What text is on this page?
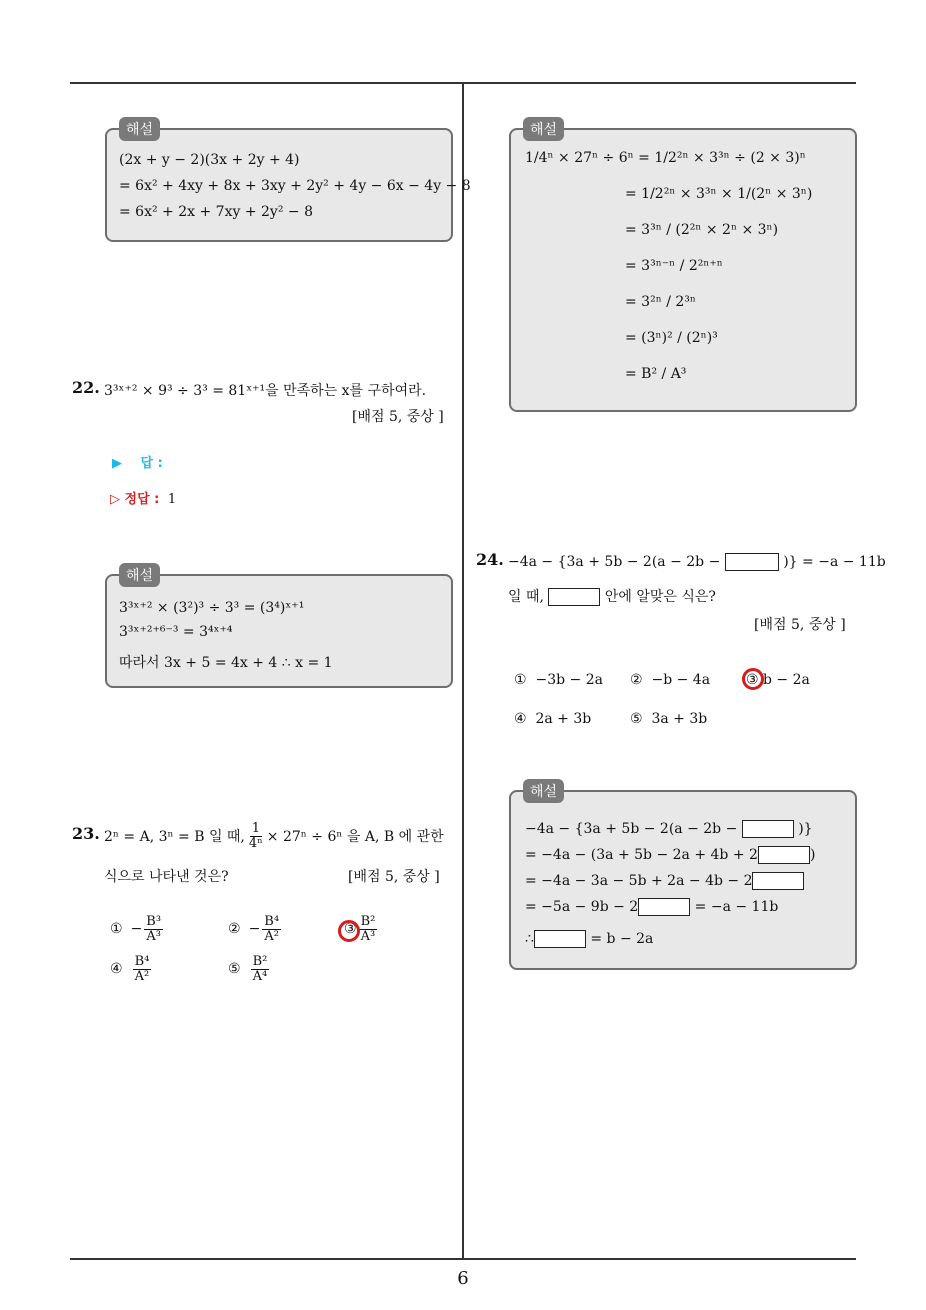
(2x + y − 2)(3x + 2y + 4)
= 6x² + 4xy + 8x + 3xy + 2y² + 4y − 6x − 4y − 8
= 6x² + 2x + 7xy + 2y² − 8
해설
22. 3³ˣ⁺² × 9³ ÷ 3³ = 81ˣ⁺¹을 만족하는 x를 구하여라.
[배점 5, 중상 ]
▶ 답 :
▷ 정답 : 1
3³ˣ⁺² × (3²)³ ÷ 3³ = (3⁴)ˣ⁺¹
3³ˣ⁺²⁺⁶⁻³ = 3⁴ˣ⁺⁴
따라서 3x + 5 = 4x + 4 ∴ x = 1
해설
23. 2ⁿ = A, 3ⁿ = B 일 때, $\frac{1}{\text{4ⁿ}} \times 27^n \div 6^n$ 을 A, B 에 관한
식으로 나타낸 것은?	[배점 5, 중상 ]
① − $\frac{\text{B³}}{\text{A³}}$	② − $\frac{\text{B⁴}}{\text{A²}}$	③ $\frac{\text{B²}}{\text{A³}}$
④ $\frac{\text{B⁴}}{\text{A²}}$	⑤ $\frac{\text{B²}}{\text{A⁴}}$
1/4ⁿ × 27ⁿ ÷ 6ⁿ = 1/2²ⁿ × 3³ⁿ ÷ (2 × 3)ⁿ
= 1/2²ⁿ × 3³ⁿ × 1/(2ⁿ × 3ⁿ)
= 3³ⁿ / (2²ⁿ × 2ⁿ × 3ⁿ)
= 3³ⁿ⁻ⁿ / 2²ⁿ⁺ⁿ
= 3²ⁿ / 2³ⁿ
= (3ⁿ)² / (2ⁿ)³
= B² / A³
해설
24. −4a − {3a + 5b − 2(a − 2b −	)} = −a − 11b
일 때,	안에 알맞은 식은?
[배점 5, 중상 ]
① −3b − 2a ② −b − 4a	③ b − 2a
④ 2a + 3b	⑤ 3a + 3b
−4a − {3a + 5b − 2(a − 2b −	)}
= −4a − (3a + 5b − 2a + 4b + 2	)
= −4a − 3a − 5b + 2a − 4b − 2
= −5a − 9b − 2	= −a − 11b
∴	= b − 2a
해설
6
